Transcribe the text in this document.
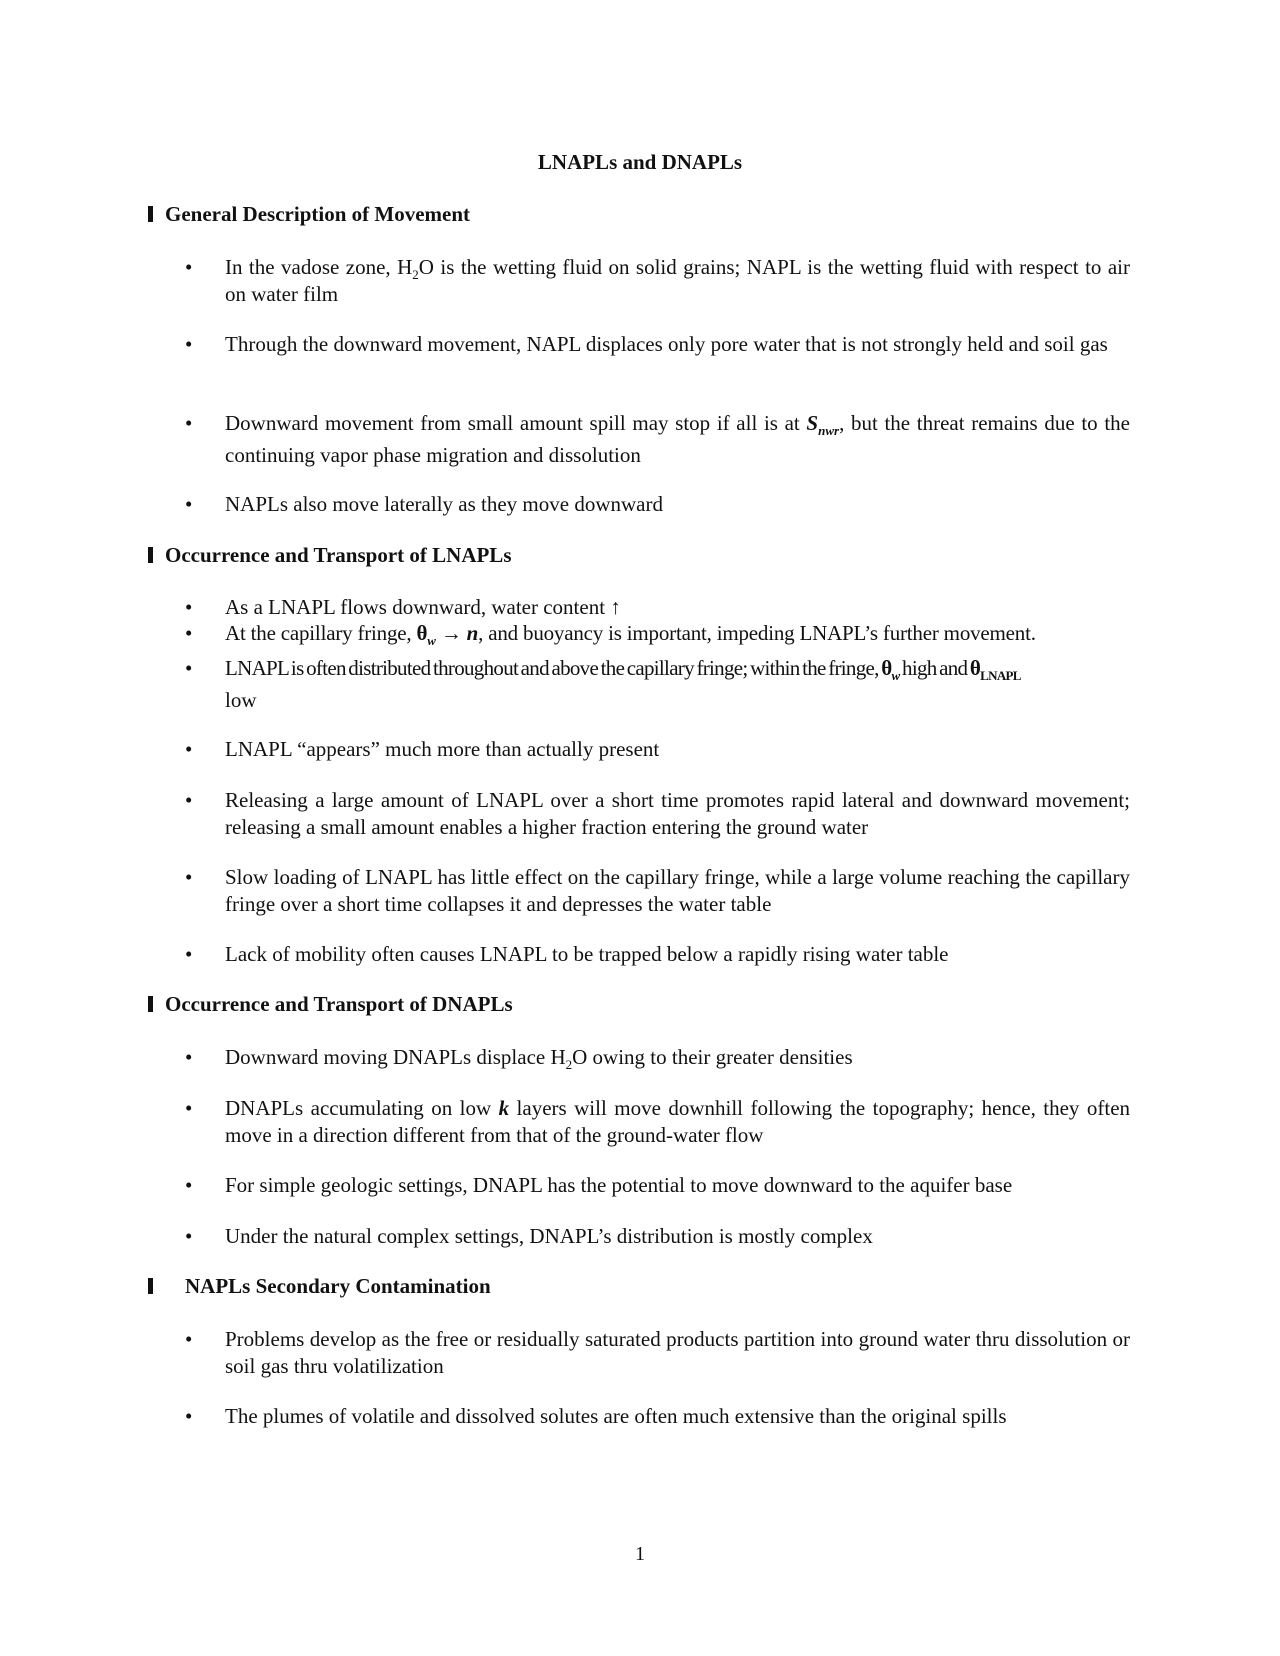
LNAPLs and DNAPLs
General Description of Movement
•	In the vadose zone, $H_2O$ is the wetting fluid on solid grains; NAPL is the wetting fluid with respect to air on water film
•	Through the downward movement, NAPL displaces only pore water that is not strongly held and soil gas
•	Downward movement from small amount spill may stop if all is at $S_{nwr}$, but the threat remains due to the continuing vapor phase migration and dissolution
•	NAPLs also move laterally as they move downward
Occurrence and Transport of LNAPLs
•	As a LNAPL flows downward, water content ↑
•	At the capillary fringe, $\theta_w \to n$, and buoyancy is important, impeding LNAPL’s further movement.
•	LNAPL is often distributed throughout and above the capillary fringe; within the fringe, $\theta_w$ high and $\theta_{LNAPL}$
low
•	LNAPL “appears” much more than actually present
•	Releasing a large amount of LNAPL over a short time promotes rapid lateral and downward movement; releasing a small amount enables a higher fraction entering the ground water
•	Slow loading of LNAPL has little effect on the capillary fringe, while a large volume reaching the capillary fringe over a short time collapses it and depresses the water table
•	Lack of mobility often causes LNAPL to be trapped below a rapidly rising water table
Occurrence and Transport of DNAPLs
•	Downward moving DNAPLs displace $H_2O$ owing to their greater densities
•	DNAPLs accumulating on low k layers will move downhill following the topography; hence, they often move in a direction different from that of the ground-water flow
•	For simple geologic settings, DNAPL has the potential to move downward to the aquifer base
•	Under the natural complex settings, DNAPL’s distribution is mostly complex
NAPLs Secondary Contamination
•	Problems develop as the free or residually saturated products partition into ground water thru dissolution or soil gas thru volatilization
•	The plumes of volatile and dissolved solutes are often much extensive than the original spills
1
